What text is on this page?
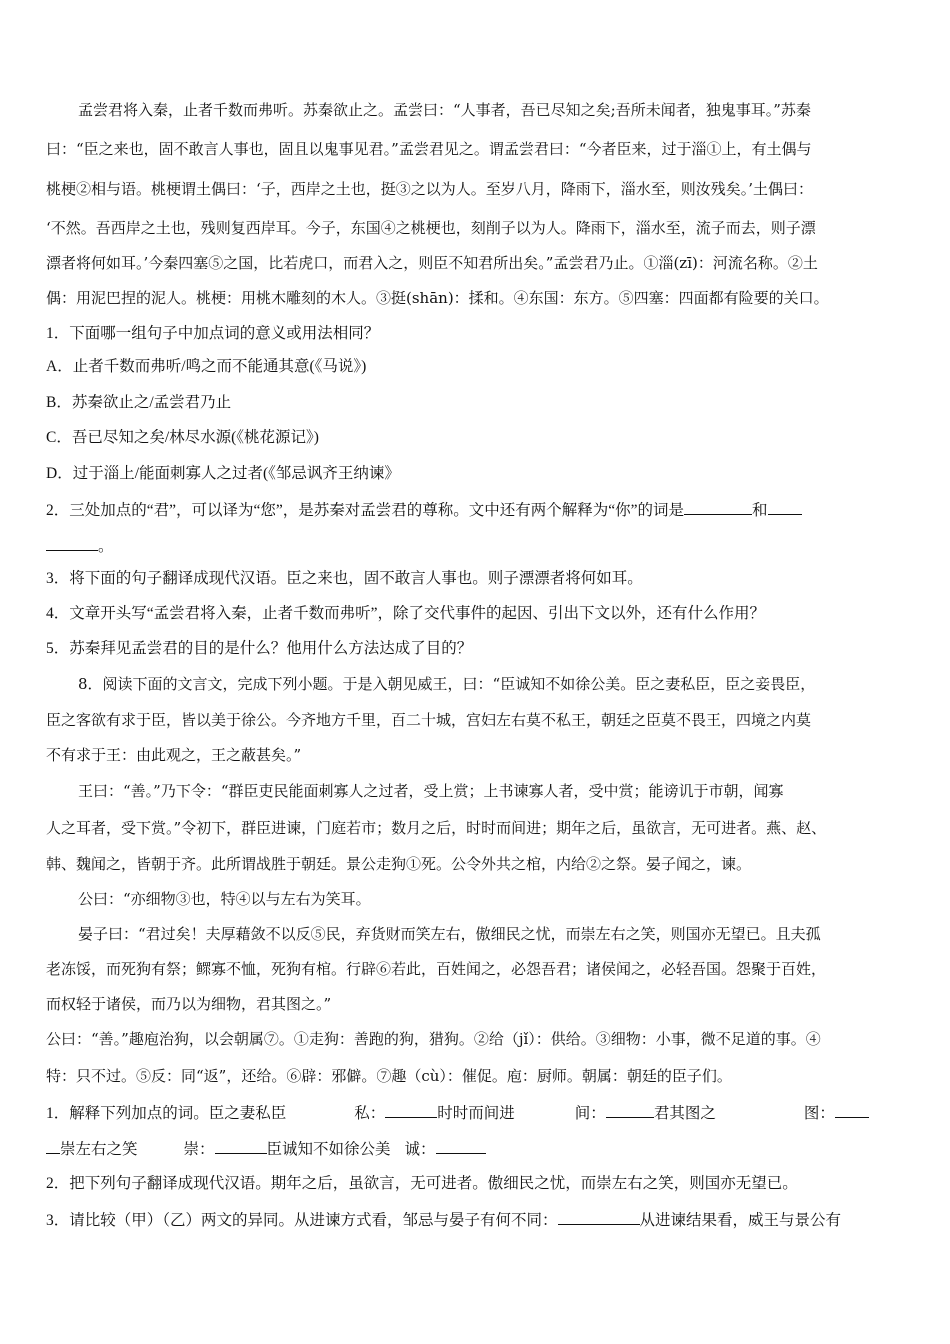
孟尝君将入秦，止者千数而弗听。苏秦欲止之。孟尝曰：“人事者，吾已尽知之矣;吾所未闻者，独鬼事耳。”苏秦
曰：“臣之来也，固不敢言人事也，固且以鬼事见君。”孟尝君见之。谓孟尝君曰：“今者臣来，过于淄①上，有土偶与
桃梗②相与语。桃梗谓土偶曰：‘子，西岸之土也，挺③之以为人。至岁八月，降雨下，淄水至，则汝残矣。’土偶曰：
‘不然。吾西岸之土也，残则复西岸耳。今子，东国④之桃梗也，刻削子以为人。降雨下，淄水至，流子而去，则子漂
漂者将何如耳。’今秦四塞⑤之国，比若虎口，而君入之，则臣不知君所出矣。”孟尝君乃止。①淄(zī)：河流名称。②土
偶：用泥巴捏的泥人。桃梗：用桃木雕刻的木人。③挺(shān)：揉和。④东国：东方。⑤四塞：四面都有险要的关口。
1．下面哪一组句子中加点词的意义或用法相同？
A．止者千数而弗听/鸣之而不能通其意(《马说》)
B．苏秦欲止之/孟尝君乃止
C．吾已尽知之矣/林尽水源(《桃花源记》)
D．过于淄上/能面刺寡人之过者(《邹忌讽齐王纳谏》
2．三处加点的“君”，可以译为“您”，是苏秦对孟尝君的尊称。文中还有两个解释为“你”的词是	和
。
3．将下面的句子翻译成现代汉语。臣之来也，固不敢言人事也。则子漂漂者将何如耳。
4．文章开头写“孟尝君将入秦，止者千数而弗听”，除了交代事件的起因、引出下文以外，还有什么作用？
5．苏秦拜见孟尝君的目的是什么？他用什么方法达成了目的？
8．阅读下面的文言文，完成下列小题。于是入朝见威王，曰：“臣诚知不如徐公美。臣之妻私臣，臣之妾畏臣，
臣之客欲有求于臣，皆以美于徐公。今齐地方千里，百二十城，宫妇左右莫不私王，朝廷之臣莫不畏王，四境之内莫
不有求于王：由此观之，王之蔽甚矣。”
王曰：“善。”乃下令：“群臣吏民能面刺寡人之过者，受上赏；上书谏寡人者，受中赏；能谤讥于市朝，闻寡
人之耳者，受下赏。”令初下，群臣进谏，门庭若市；数月之后，时时而间进；期年之后，虽欲言，无可进者。燕、赵、
韩、魏闻之，皆朝于齐。此所谓战胜于朝廷。景公走狗①死。公令外共之棺，内给②之祭。晏子闻之，谏。
公曰：“亦细物③也，特④以与左右为笑耳。
晏子曰：“君过矣！夫厚藉敛不以反⑤民，弃货财而笑左右，傲细民之忧，而崇左右之笑，则国亦无望已。且夫孤
老冻馁，而死狗有祭；鳏寡不恤，死狗有棺。行辟⑥若此，百姓闻之，必怨吾君；诸侯闻之，必轻吾国。怨聚于百姓，
而权轻于诸侯，而乃以为细物，君其图之。”
公曰：“善。”趣庖治狗，以会朝属⑦。①走狗：善跑的狗，猎狗。②给（jǐ）：供给。③细物：小事，微不足道的事。④
特：只不过。⑤反：同“返”，还给。⑥辟：邪僻。⑦趣（cù）：催促。庖：厨师。朝属：朝廷的臣子们。
1．解释下列加点的词。臣之妻私臣	私：	时时而间进	间：	君其图之	图：
崇左右之笑	崇：	臣诚知不如徐公美 诚：
2．把下列句子翻译成现代汉语。期年之后，虽欲言，无可进者。傲细民之忧，而崇左右之笑，则国亦无望已。
3．请比较（甲）（乙）两文的异同。从进谏方式看，邹忌与晏子有何不同：	从进谏结果看，威王与景公有
